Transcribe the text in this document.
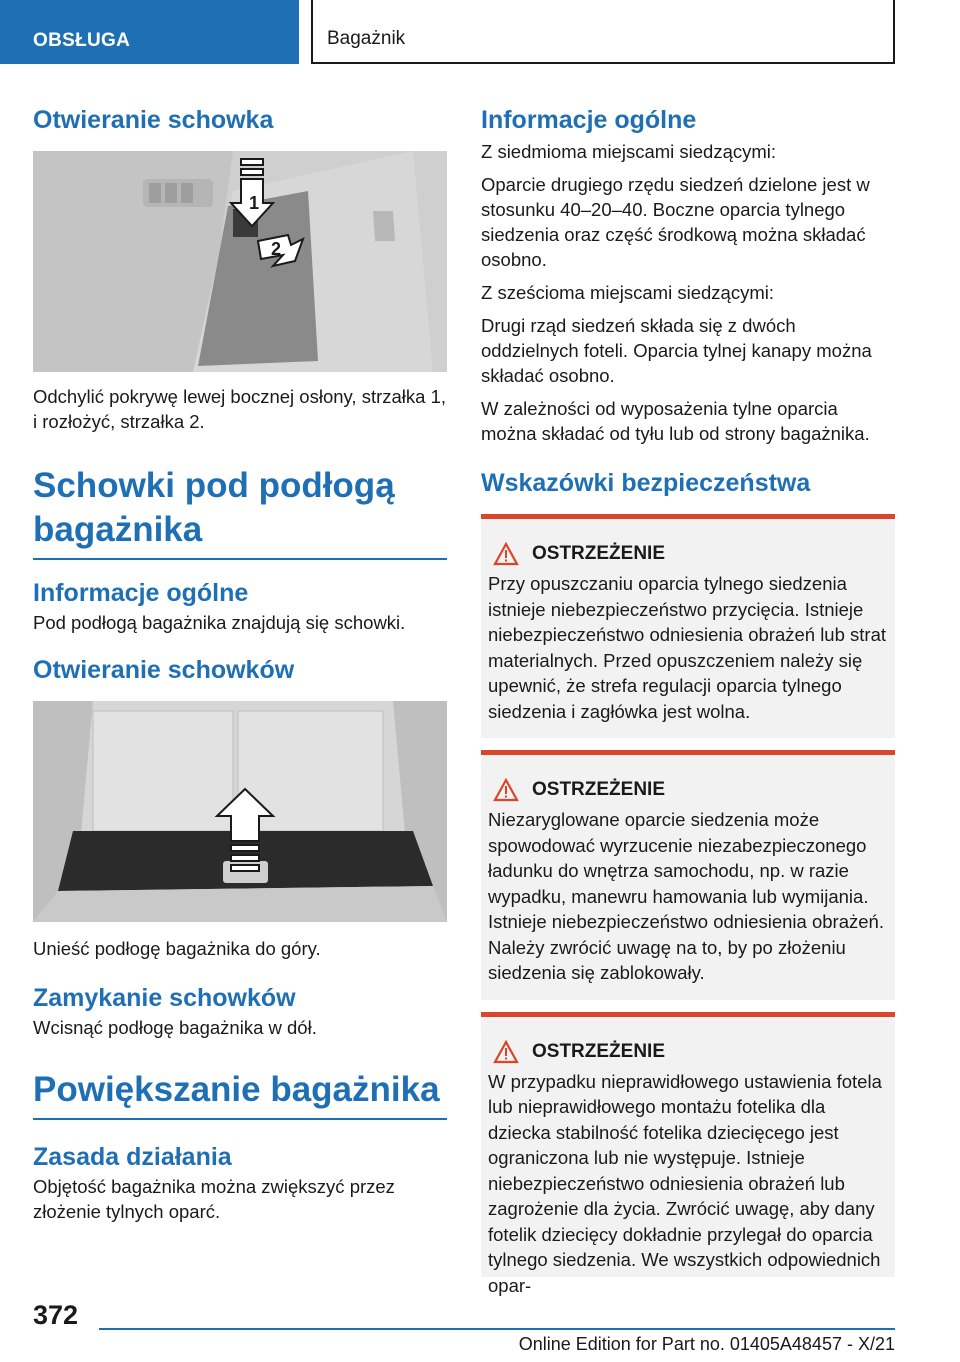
OBSŁUGA	Bagażnik
Otwieranie schowka
1
2

Odchylić pokrywę lewej bocznej osłony, strzałka 1, i rozłożyć, strzałka 2.

Schowki pod podłogą bagażnika
Informacje ogólne

Pod podłogą bagażnika znajdują się schowki.

Otwieranie schowków

Unieść podłogę bagażnika do góry.

Zamykanie schowków

Wcisnąć podłogę bagażnika w dół.

Powiększanie bagażnika
Zasada działania

Objętość bagażnika można zwiększyć przez złożenie tylnych oparć.

Informacje ogólne

Z siedmioma miejscami siedzącymi:

Oparcie drugiego rzędu siedzeń dzielone jest w stosunku 40–20–40. Boczne oparcia tylnego siedzenia oraz część środkową można składać osobno.

Z sześcioma miejscami siedzącymi:

Drugi rząd siedzeń składa się z dwóch oddzielnych foteli. Oparcia tylnej kanapy można składać osobno.

W zależności od wyposażenia tylne oparcia można składać od tyłu lub od strony bagażnika.

Wskazówki bezpieczeństwa
OSTRZEŻENIE

Przy opuszczaniu oparcia tylnego siedzenia istnieje niebezpieczeństwo przycięcia. Istnieje niebezpieczeństwo odniesienia obrażeń lub strat materialnych. Przed opuszczeniem należy się upewnić, że strefa regulacji oparcia tylnego siedzenia i zagłówka jest wolna.

OSTRZEŻENIE

Niezaryglowane oparcie siedzenia może spowodować wyrzucenie niezabezpieczonego ładunku do wnętrza samochodu, np. w razie wypadku, manewru hamowania lub wymijania. Istnieje niebezpieczeństwo odniesienia obrażeń. Należy zwrócić uwagę na to, by po złożeniu siedzenia się zablokowały.

OSTRZEŻENIE

W przypadku nieprawidłowego ustawienia fotela lub nieprawidłowego montażu fotelika dla dziecka stabilność fotelika dziecięcego jest ograniczona lub nie występuje. Istnieje niebezpieczeństwo odniesienia obrażeń lub zagrożenie dla życia. Zwrócić uwagę, aby dany fotelik dziecięcy dokładnie przylegał do oparcia tylnego siedzenia. We wszystkich odpowiednich opar-

372
Online Edition for Part no. 01405A48457 - X/21
